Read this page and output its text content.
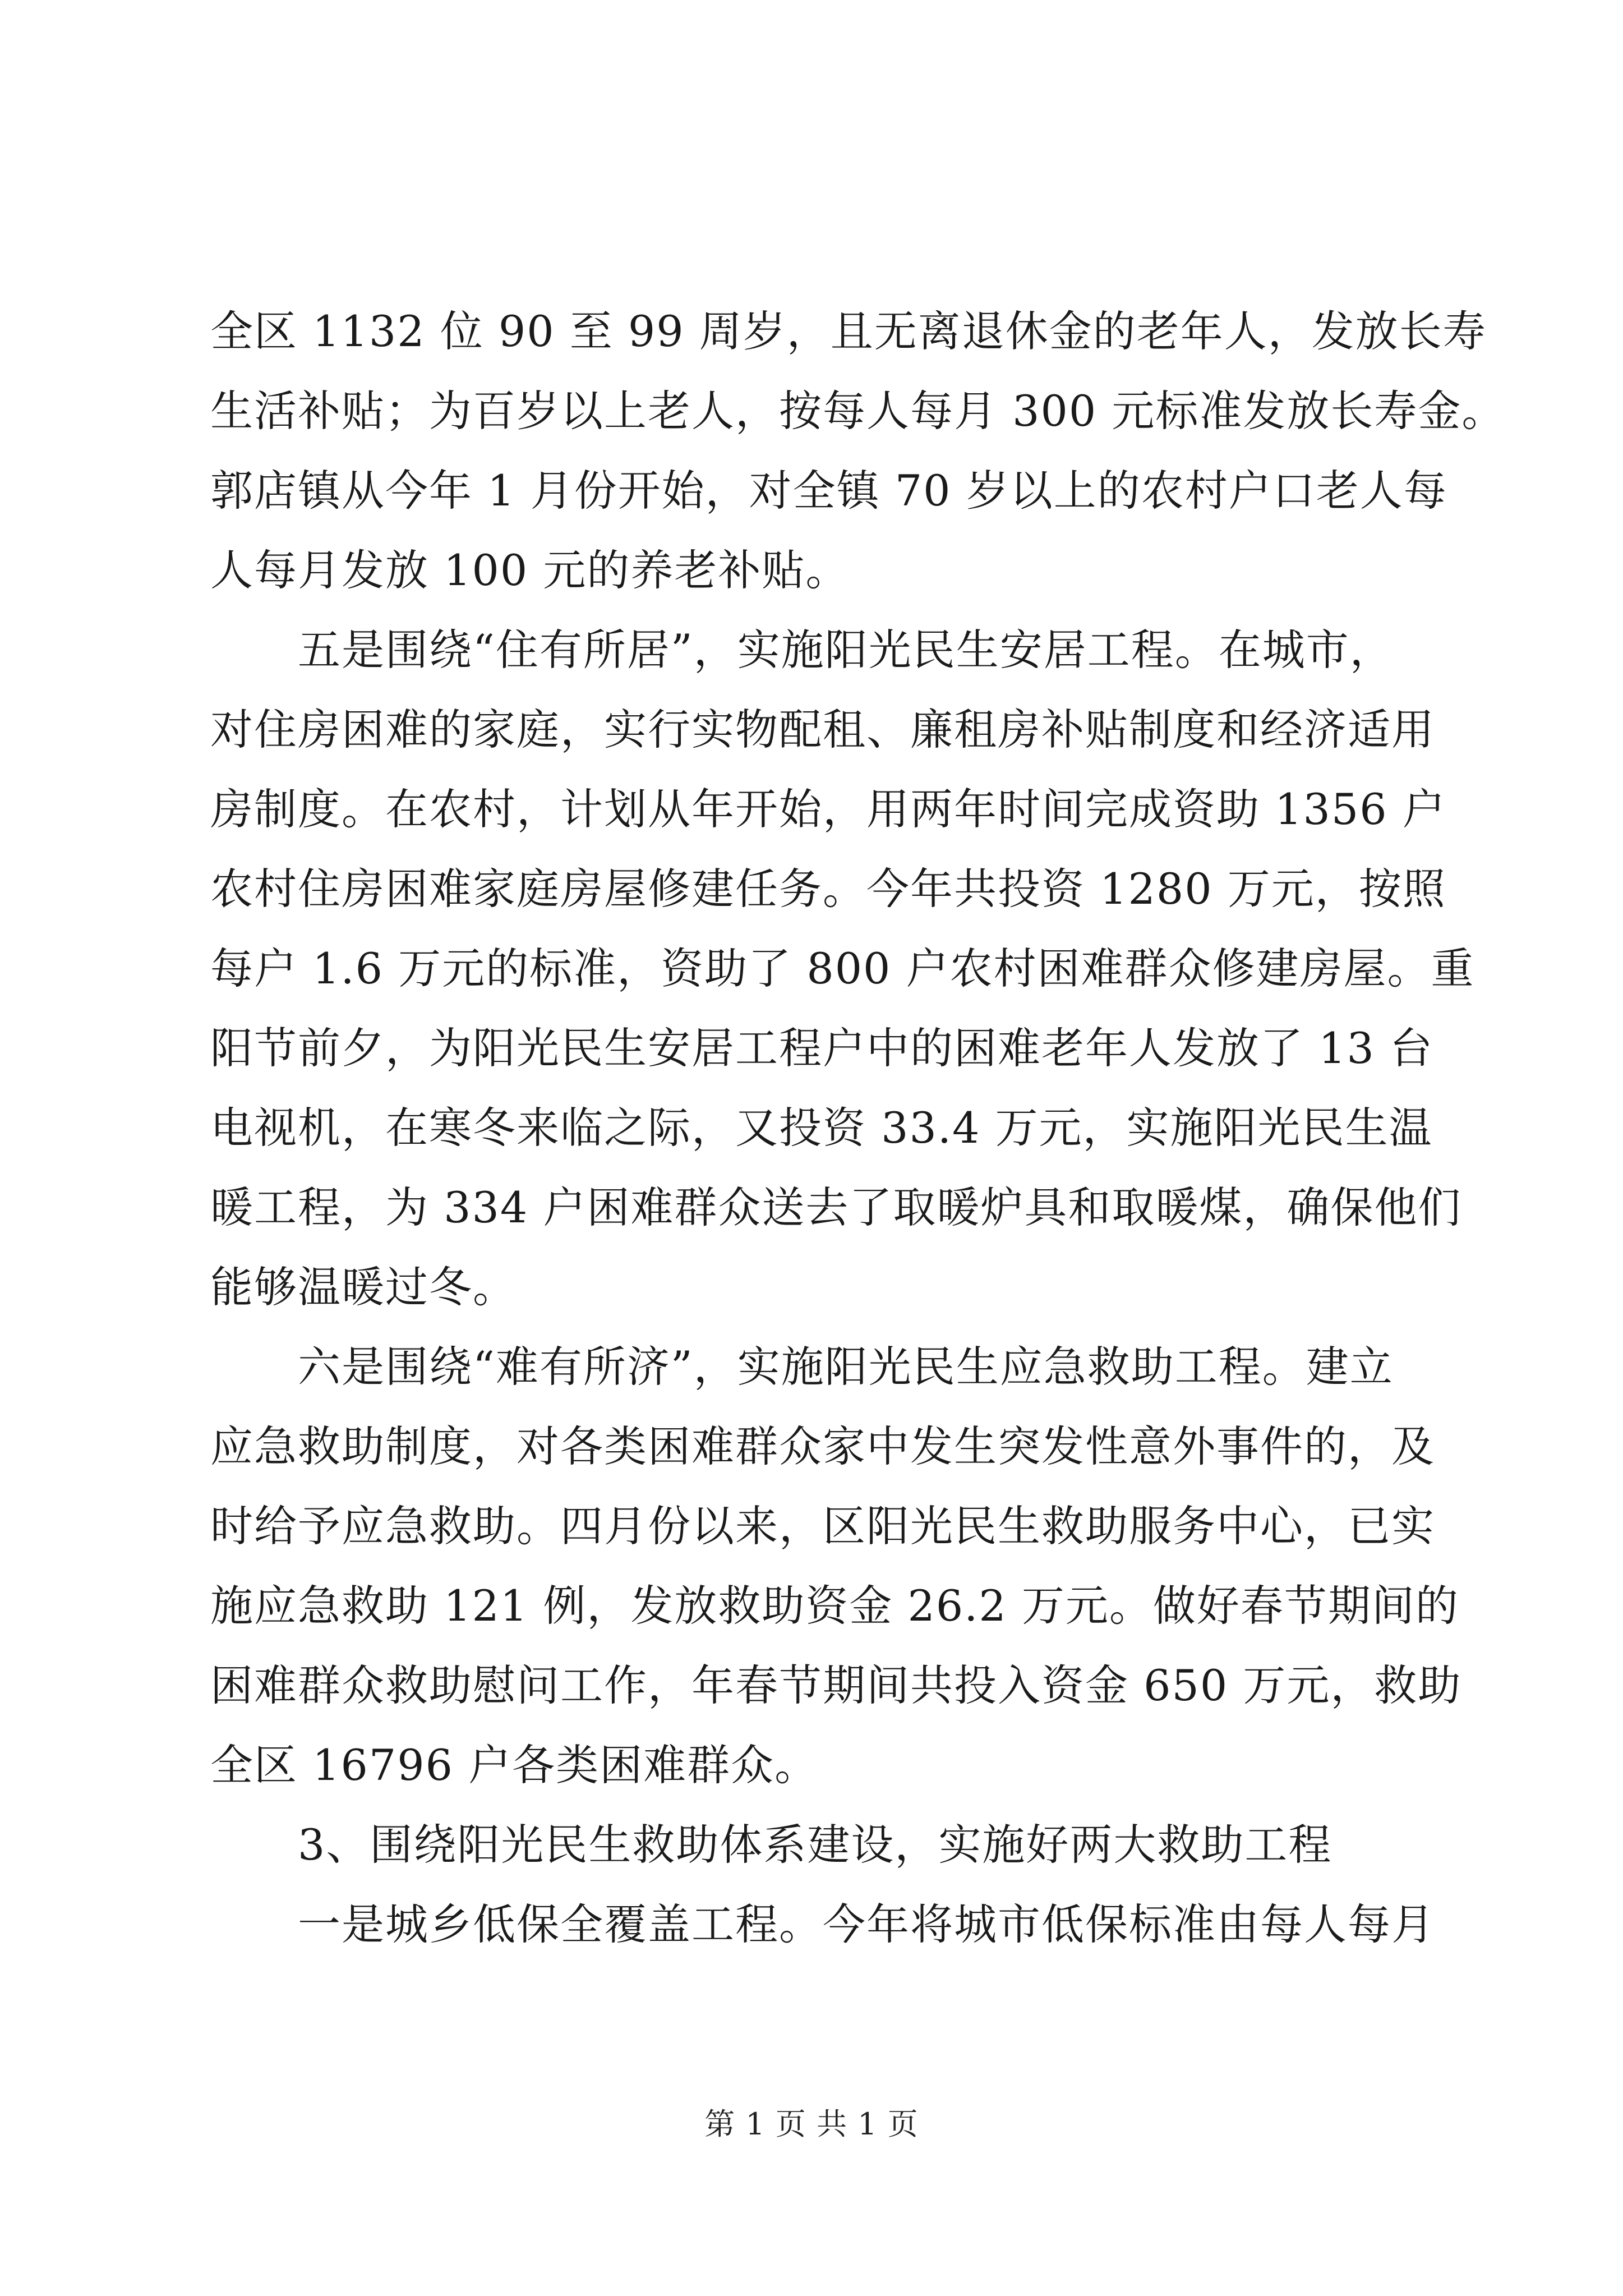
全区 1132 位 90 至 99 周岁，且无离退休金的老年人，发放长寿
生活补贴；为百岁以上老人，按每人每月 300 元标准发放长寿金。
郭店镇从今年 1 月份开始，对全镇 70 岁以上的农村户口老人每
人每月发放 100 元的养老补贴。
　　五是围绕“住有所居”，实施阳光民生安居工程。在城市，
对住房困难的家庭，实行实物配租、廉租房补贴制度和经济适用
房制度。在农村，计划从年开始，用两年时间完成资助 1356 户
农村住房困难家庭房屋修建任务。今年共投资 1280 万元，按照
每户 1.6 万元的标准，资助了 800 户农村困难群众修建房屋。重
阳节前夕，为阳光民生安居工程户中的困难老年人发放了 13 台
电视机，在寒冬来临之际，又投资 33.4 万元，实施阳光民生温
暖工程，为 334 户困难群众送去了取暖炉具和取暖煤，确保他们
能够温暖过冬。
　　六是围绕“难有所济”，实施阳光民生应急救助工程。建立
应急救助制度，对各类困难群众家中发生突发性意外事件的，及
时给予应急救助。四月份以来，区阳光民生救助服务中心，已实
施应急救助 121 例，发放救助资金 26.2 万元。做好春节期间的
困难群众救助慰问工作，年春节期间共投入资金 650 万元，救助
全区 16796 户各类困难群众。
　　3、围绕阳光民生救助体系建设，实施好两大救助工程
　　一是城乡低保全覆盖工程。今年将城市低保标准由每人每月
第 1 页 共 1 页
